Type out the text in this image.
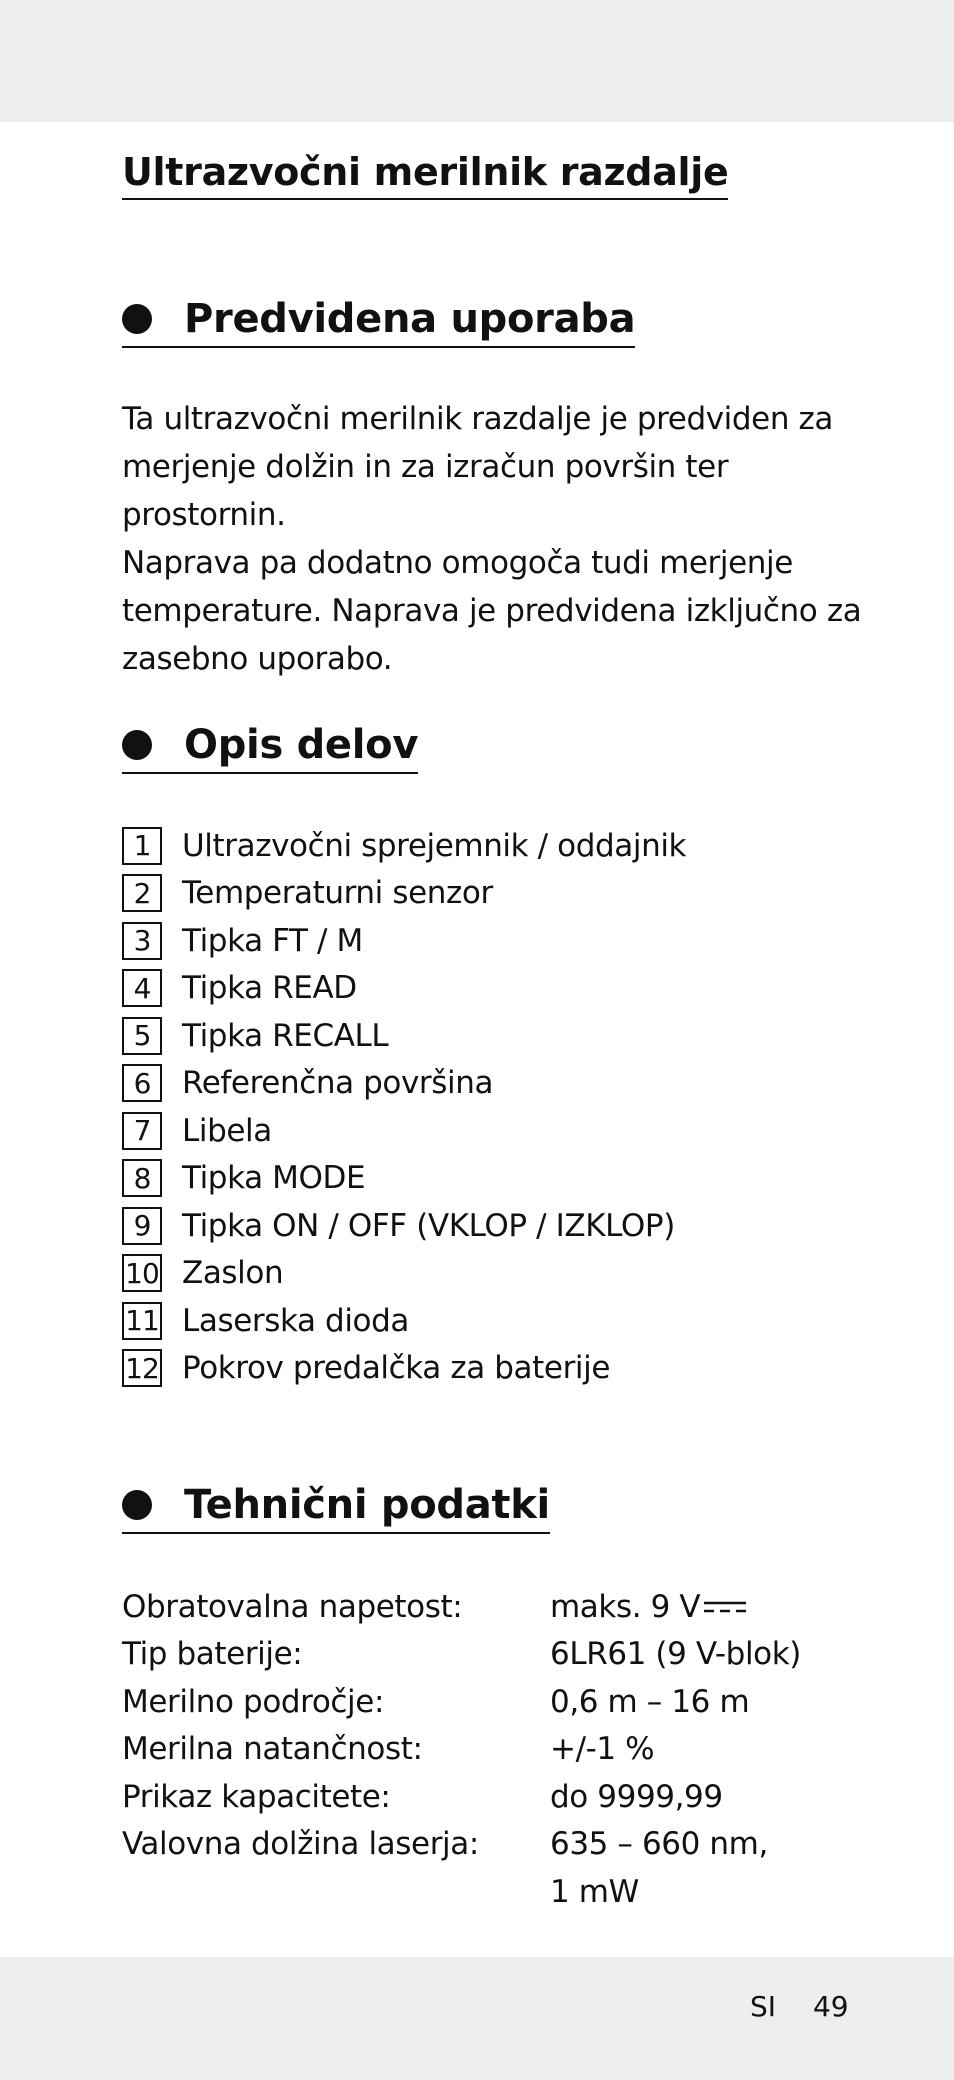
Ultrazvočni merilnik razdalje
Predvidena uporaba
Ta ultrazvočni merilnik razdalje je predviden za
merjenje dolžin in za izračun površin ter prostornin.
Naprava pa dodatno omogoča tudi merjenje
temperature. Naprava je predvidena izključno za
zasebno uporabo.
Opis delov
1	Ultrazvočni sprejemnik / oddajnik
2	Temperaturni senzor
3	Tipka FT / M
4	Tipka READ
5	Tipka RECALL
6	Referenčna površina
7	Libela
8	Tipka MODE
9	Tipka ON / OFF (VKLOP / IZKLOP)
10 Zaslon
11 Laserska dioda
12 Pokrov predalčka za baterije
Tehnični podatki
Obratovalna napetost:	maks. 9 V
Tip baterije:	6LR61 (9 V-blok)
Merilno področje:	0,6 m – 16 m
Merilna natančnost:	+/-1 %
Prikaz kapacitete:	do 9999,99
Valovna dolžina laserja:	635 – 660 nm,
1 mW
SI 49
